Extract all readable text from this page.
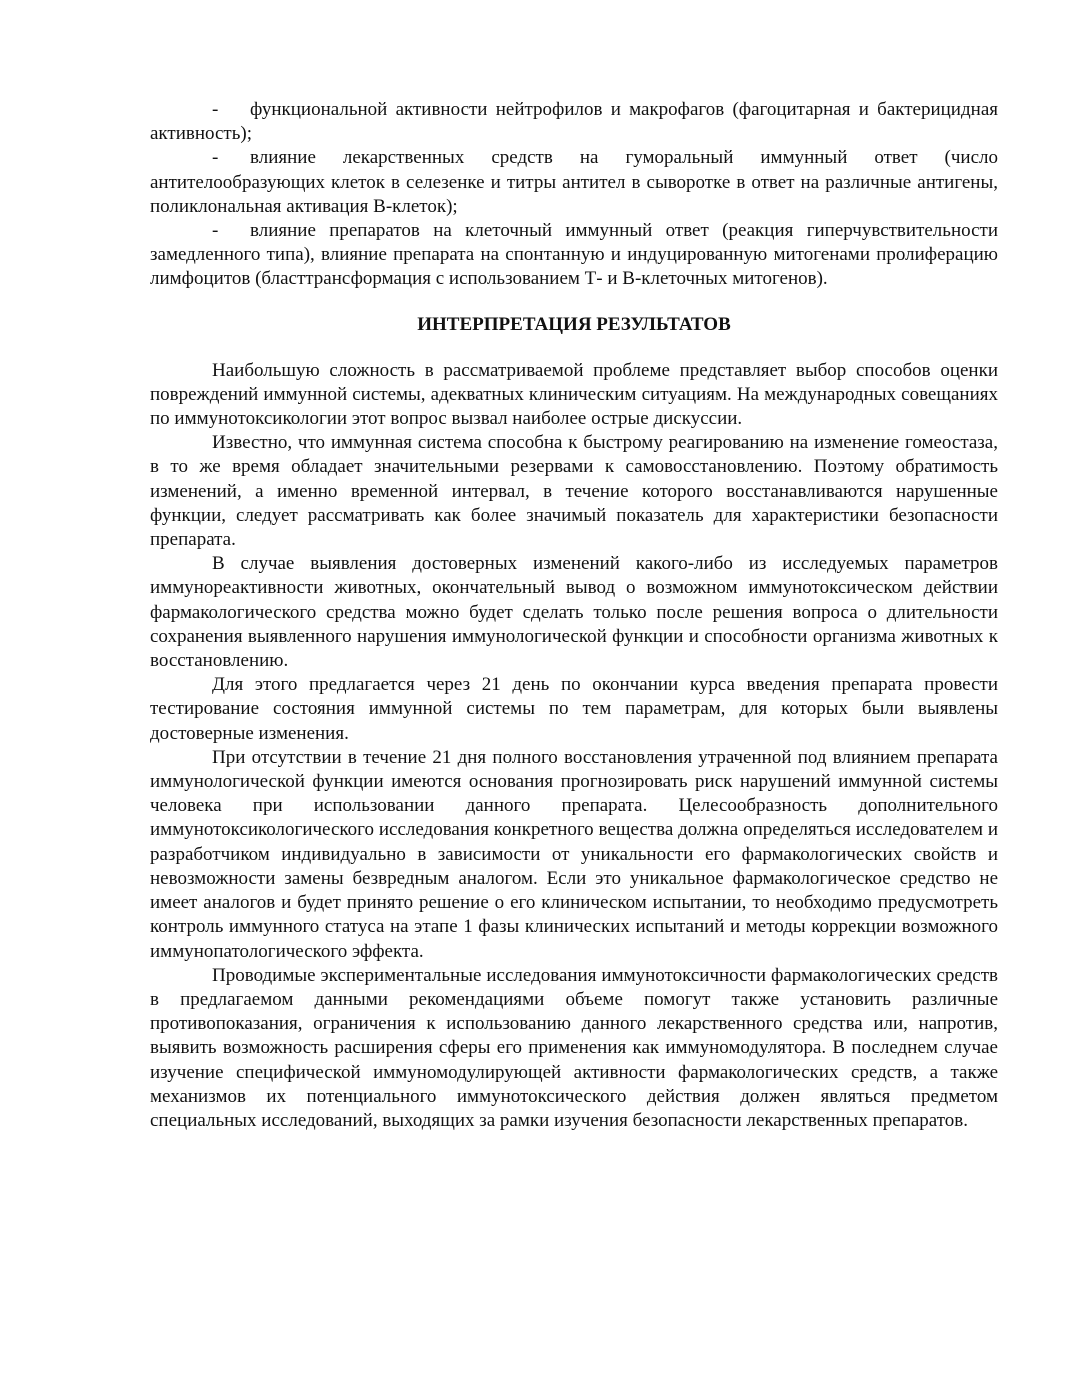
- функциональной активности нейтрофилов и макрофагов (фагоцитарная и бактерицидная активность);

- влияние лекарственных средств на гуморальный иммунный ответ (число антителообразующих клеток в селезенке и титры антител в сыворотке в ответ на различные антигены, поликлональная активация В-клеток);

- влияние препаратов на клеточный иммунный ответ (реакция гиперчувствительности замедленного типа), влияние препарата на спонтанную и индуцированную митогенами пролиферацию лимфоцитов (бласттрансформация с использованием Т- и В-клеточных митогенов).

ИНТЕРПРЕТАЦИЯ РЕЗУЛЬТАТОВ

Наибольшую сложность в рассматриваемой проблеме представляет выбор способов оценки повреждений иммунной системы, адекватных клиническим ситуациям. На международных совещаниях по иммунотоксикологии этот вопрос вызвал наиболее острые дискуссии.

Известно, что иммунная система способна к быстрому реагированию на изменение гомеостаза, в то же время обладает значительными резервами к самовосстановлению. Поэтому обратимость изменений, а именно временной интервал, в течение которого восстанавливаются нарушенные функции, следует рассматривать как более значимый показатель для характеристики безопасности препарата.

В случае выявления достоверных изменений какого-либо из исследуемых параметров иммунореактивности животных, окончательный вывод о возможном иммунотоксическом действии фармакологического средства можно будет сделать только после решения вопроса о длительности сохранения выявленного нарушения иммунологической функции и способности организма животных к восстановлению.

Для этого предлагается через 21 день по окончании курса введения препарата провести тестирование состояния иммунной системы по тем параметрам, для которых были выявлены достоверные изменения.

При отсутствии в течение 21 дня полного восстановления утраченной под влиянием препарата иммунологической функции имеются основания прогнозировать риск нарушений иммунной системы человека при использовании данного препарата. Целесообразность дополнительного иммунотоксикологического исследования конкретного вещества должна определяться исследователем и разработчиком индивидуально в зависимости от уникальности его фармакологических свойств и невозможности замены безвредным аналогом. Если это уникальное фармакологическое средство не имеет аналогов и будет принято решение о его клиническом испытании, то необходимо предусмотреть контроль иммунного статуса на этапе 1 фазы клинических испытаний и методы коррекции возможного иммунопатологического эффекта.

Проводимые экспериментальные исследования иммунотоксичности фармакологических средств в предлагаемом данными рекомендациями объеме помогут также установить различные противопоказания, ограничения к использованию данного лекарственного средства или, напротив, выявить возможность расширения сферы его применения как иммуномодулятора. В последнем случае изучение специфической иммуномодулирующей активности фармакологических средств, а также механизмов их потенциального иммунотоксического действия должен являться предметом специальных исследований, выходящих за рамки изучения безопасности лекарственных препаратов.
